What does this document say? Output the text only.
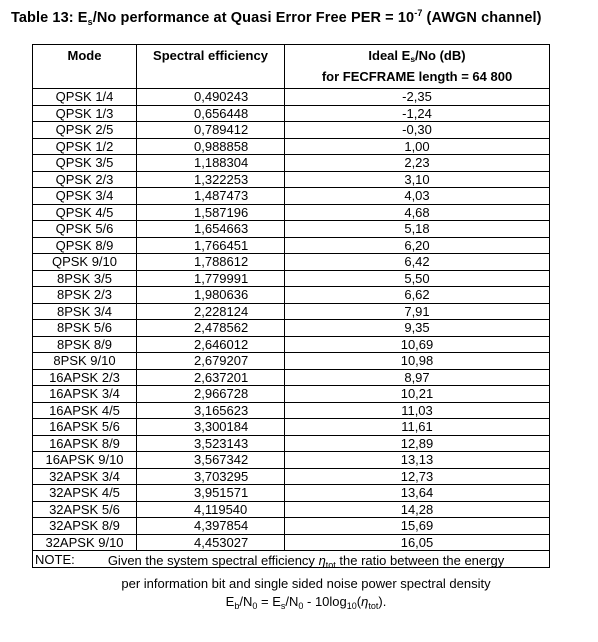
Table 13: $E_s/No$ performance at Quasi Error Free PER = $10^{-7}$ (AWGN channel)
Mode	Spectral efficiency	Ideal $E_s/No$ (dB)
for FECFRAME length = 64 800
QPSK 1/4	0,490243	-2,35
QPSK 1/3	0,656448	-1,24
QPSK 2/5	0,789412	-0,30
QPSK 1/2	0,988858	1,00
QPSK 3/5	1,188304	2,23
QPSK 2/3	1,322253	3,10
QPSK 3/4	1,487473	4,03
QPSK 4/5	1,587196	4,68
QPSK 5/6	1,654663	5,18
QPSK 8/9	1,766451	6,20
QPSK 9/10	1,788612	6,42
8PSK 3/5	1,779991	5,50
8PSK 2/3	1,980636	6,62
8PSK 3/4	2,228124	7,91
8PSK 5/6	2,478562	9,35
8PSK 8/9	2,646012	10,69
8PSK 9/10	2,679207	10,98
16APSK 2/3	2,637201	8,97
16APSK 3/4	2,966728	10,21
16APSK 4/5	3,165623	11,03
16APSK 5/6	3,300184	11,61
16APSK 8/9	3,523143	12,89
16APSK 9/10	3,567342	13,13
32APSK 3/4	3,703295	12,73
32APSK 4/5	3,951571	13,64
32APSK 5/6	4,119540	14,28
32APSK 8/9	4,397854	15,69
32APSK 9/10	4,453027	16,05

NOTE: Given the system spectral efficiency $\eta_{tot}$ the ratio between the energy per information bit and single sided noise power spectral density $E_b/N_0 = E_s/N_0 - 10\log_{10}(\eta_{tot})$.		
